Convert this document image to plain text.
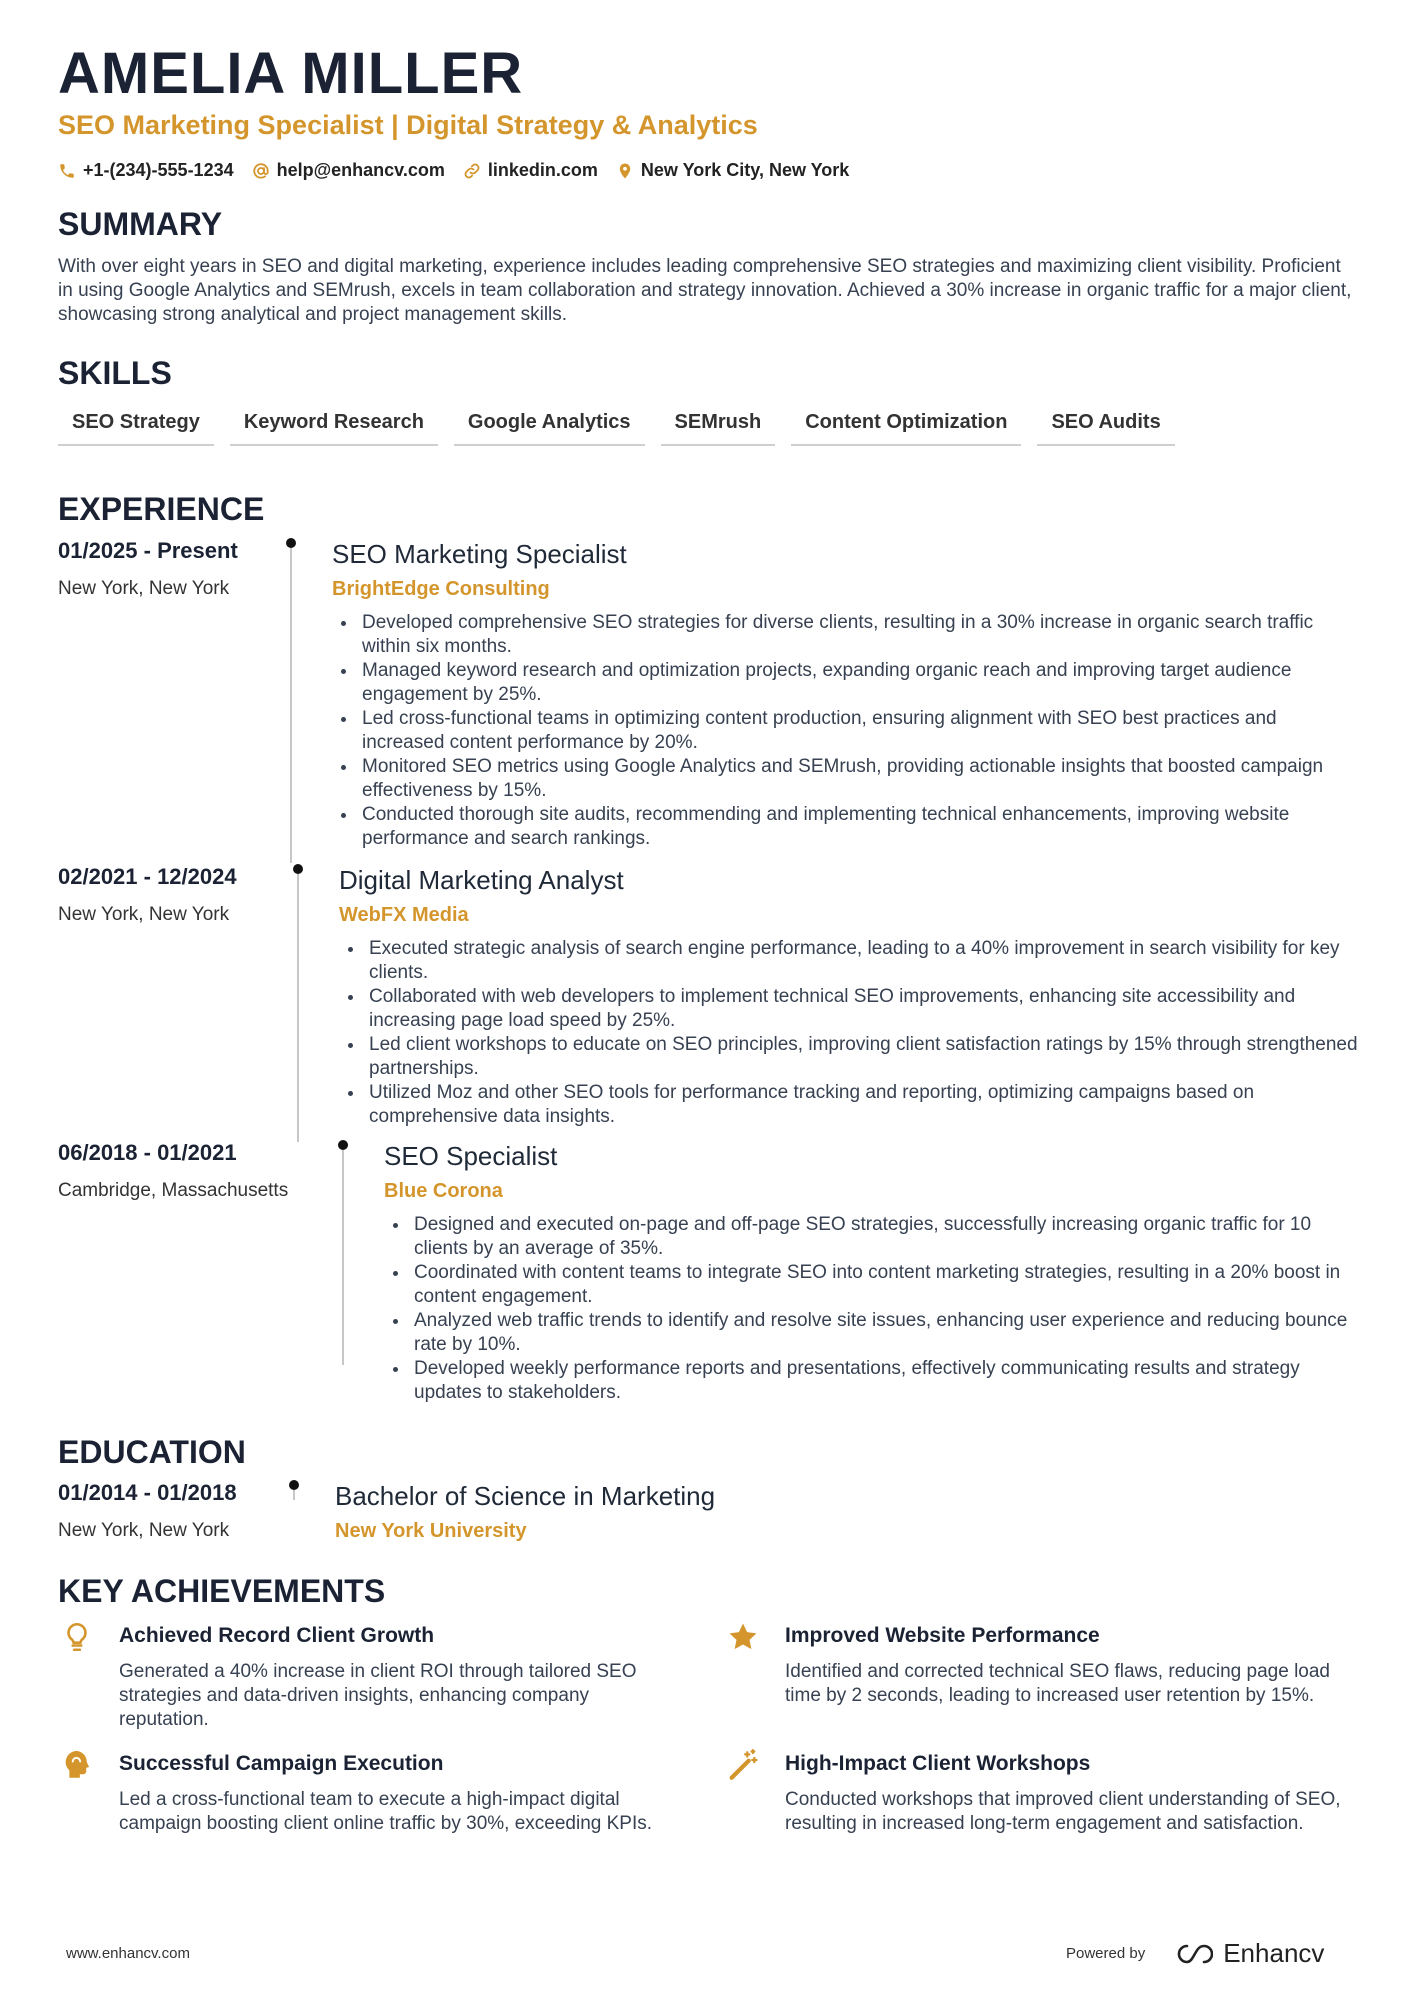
AMELIA MILLER
SEO Marketing Specialist | Digital Strategy & Analytics
+1-(234)-555-1234 help@enhancv.com linkedin.com New York City, New York
SUMMARY

With over eight years in SEO and digital marketing, experience includes leading comprehensive SEO strategies and maximizing client visibility. Proficient in using Google Analytics and SEMrush, excels in team collaboration and strategy innovation. Achieved a 30% increase in organic traffic for a major client, showcasing strong analytical and project management skills.

SKILLS
SEO Strategy	Keyword Research	Google Analytics	SEMrush	Content Optimization	SEO Audits
EXPERIENCE
01/2025 - Present
New York, New York
SEO Marketing Specialist
BrightEdge Consulting
• Developed comprehensive SEO strategies for diverse clients, resulting in a 30% increase in organic search traffic within six months.
• Managed keyword research and optimization projects, expanding organic reach and improving target audience engagement by 25%.
• Led cross-functional teams in optimizing content production, ensuring alignment with SEO best practices and increased content performance by 20%.
• Monitored SEO metrics using Google Analytics and SEMrush, providing actionable insights that boosted campaign effectiveness by 15%.
• Conducted thorough site audits, recommending and implementing technical enhancements, improving website performance and search rankings.
02/2021 - 12/2024
New York, New York
Digital Marketing Analyst
WebFX Media
• Executed strategic analysis of search engine performance, leading to a 40% improvement in search visibility for key clients.
• Collaborated with web developers to implement technical SEO improvements, enhancing site accessibility and increasing page load speed by 25%.
• Led client workshops to educate on SEO principles, improving client satisfaction ratings by 15% through strengthened partnerships.
• Utilized Moz and other SEO tools for performance tracking and reporting, optimizing campaigns based on comprehensive data insights.
06/2018 - 01/2021
Cambridge, Massachusetts
SEO Specialist
Blue Corona
• Designed and executed on-page and off-page SEO strategies, successfully increasing organic traffic for 10 clients by an average of 35%.
• Coordinated with content teams to integrate SEO into content marketing strategies, resulting in a 20% boost in content engagement.
• Analyzed web traffic trends to identify and resolve site issues, enhancing user experience and reducing bounce rate by 10%.
• Developed weekly performance reports and presentations, effectively communicating results and strategy updates to stakeholders.
EDUCATION
01/2014 - 01/2018
New York, New York
Bachelor of Science in Marketing
New York University
KEY ACHIEVEMENTS
Achieved Record Client Growth
Generated a 40% increase in client ROI through tailored SEO strategies and data-driven insights, enhancing company reputation.
Improved Website Performance
Identified and corrected technical SEO flaws, reducing page load time by 2 seconds, leading to increased user retention by 15%.
Successful Campaign Execution
Led a cross-functional team to execute a high-impact digital campaign boosting client online traffic by 30%, exceeding KPIs.
High-Impact Client Workshops
Conducted workshops that improved client understanding of SEO, resulting in increased long-term engagement and satisfaction.
www.enhancv.com	Powered by	Enhancv
